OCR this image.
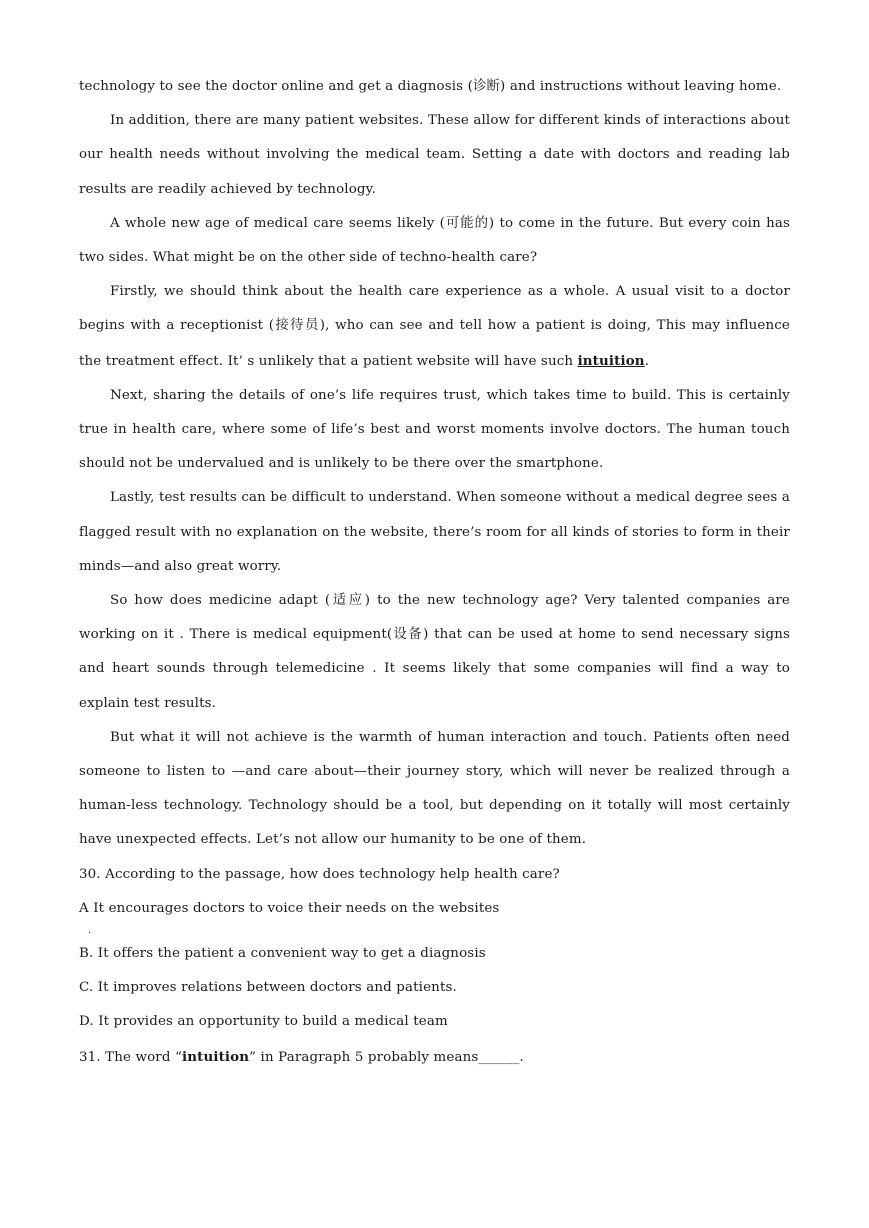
technology to see the doctor online and get a diagnosis (诊断) and instructions without leaving home.

In addition, there are many patient websites. These allow for different kinds of interactions about our health needs without involving the medical team. Setting a date with doctors and reading lab results are readily achieved by technology.

A whole new age of medical care seems likely (可能的) to come in the future. But every coin has two sides. What might be on the other side of techno-health care?

Firstly, we should think about the health care experience as a whole. A usual visit to a doctor begins with a receptionist (接待员), who can see and tell how a patient is doing, This may influence the treatment effect. It’ s unlikely that a patient website will have such intuition.

Next, sharing the details of one’s life requires trust, which takes time to build. This is certainly true in health care, where some of life’s best and worst moments involve doctors. The human touch should not be undervalued and is unlikely to be there over the smartphone.

Lastly, test results can be difficult to understand. When someone without a medical degree sees a flagged result with no explanation on the website, there’s room for all kinds of stories to form in their minds—and also great worry.

So how does medicine adapt (适应) to the new technology age? Very talented companies are working on it . There is medical equipment(设备) that can be used at home to send necessary signs and heart sounds through telemedicine . It seems likely that some companies will find a way to explain test results.

But what it will not achieve is the warmth of human interaction and touch. Patients often need someone to listen to —and care about—their journey story, which will never be realized through a human-less technology. Technology should be a tool, but depending on it totally will most certainly have unexpected effects. Let’s not allow our humanity to be one of them.

30. According to the passage, how does technology help health care?

A It encourages doctors to voice their needs on the websites
.

B. It offers the patient a convenient way to get a diagnosis

C. It improves relations between doctors and patients.

D. It provides an opportunity to build a medical team

31. The word “intuition” in Paragraph 5 probably means______.
